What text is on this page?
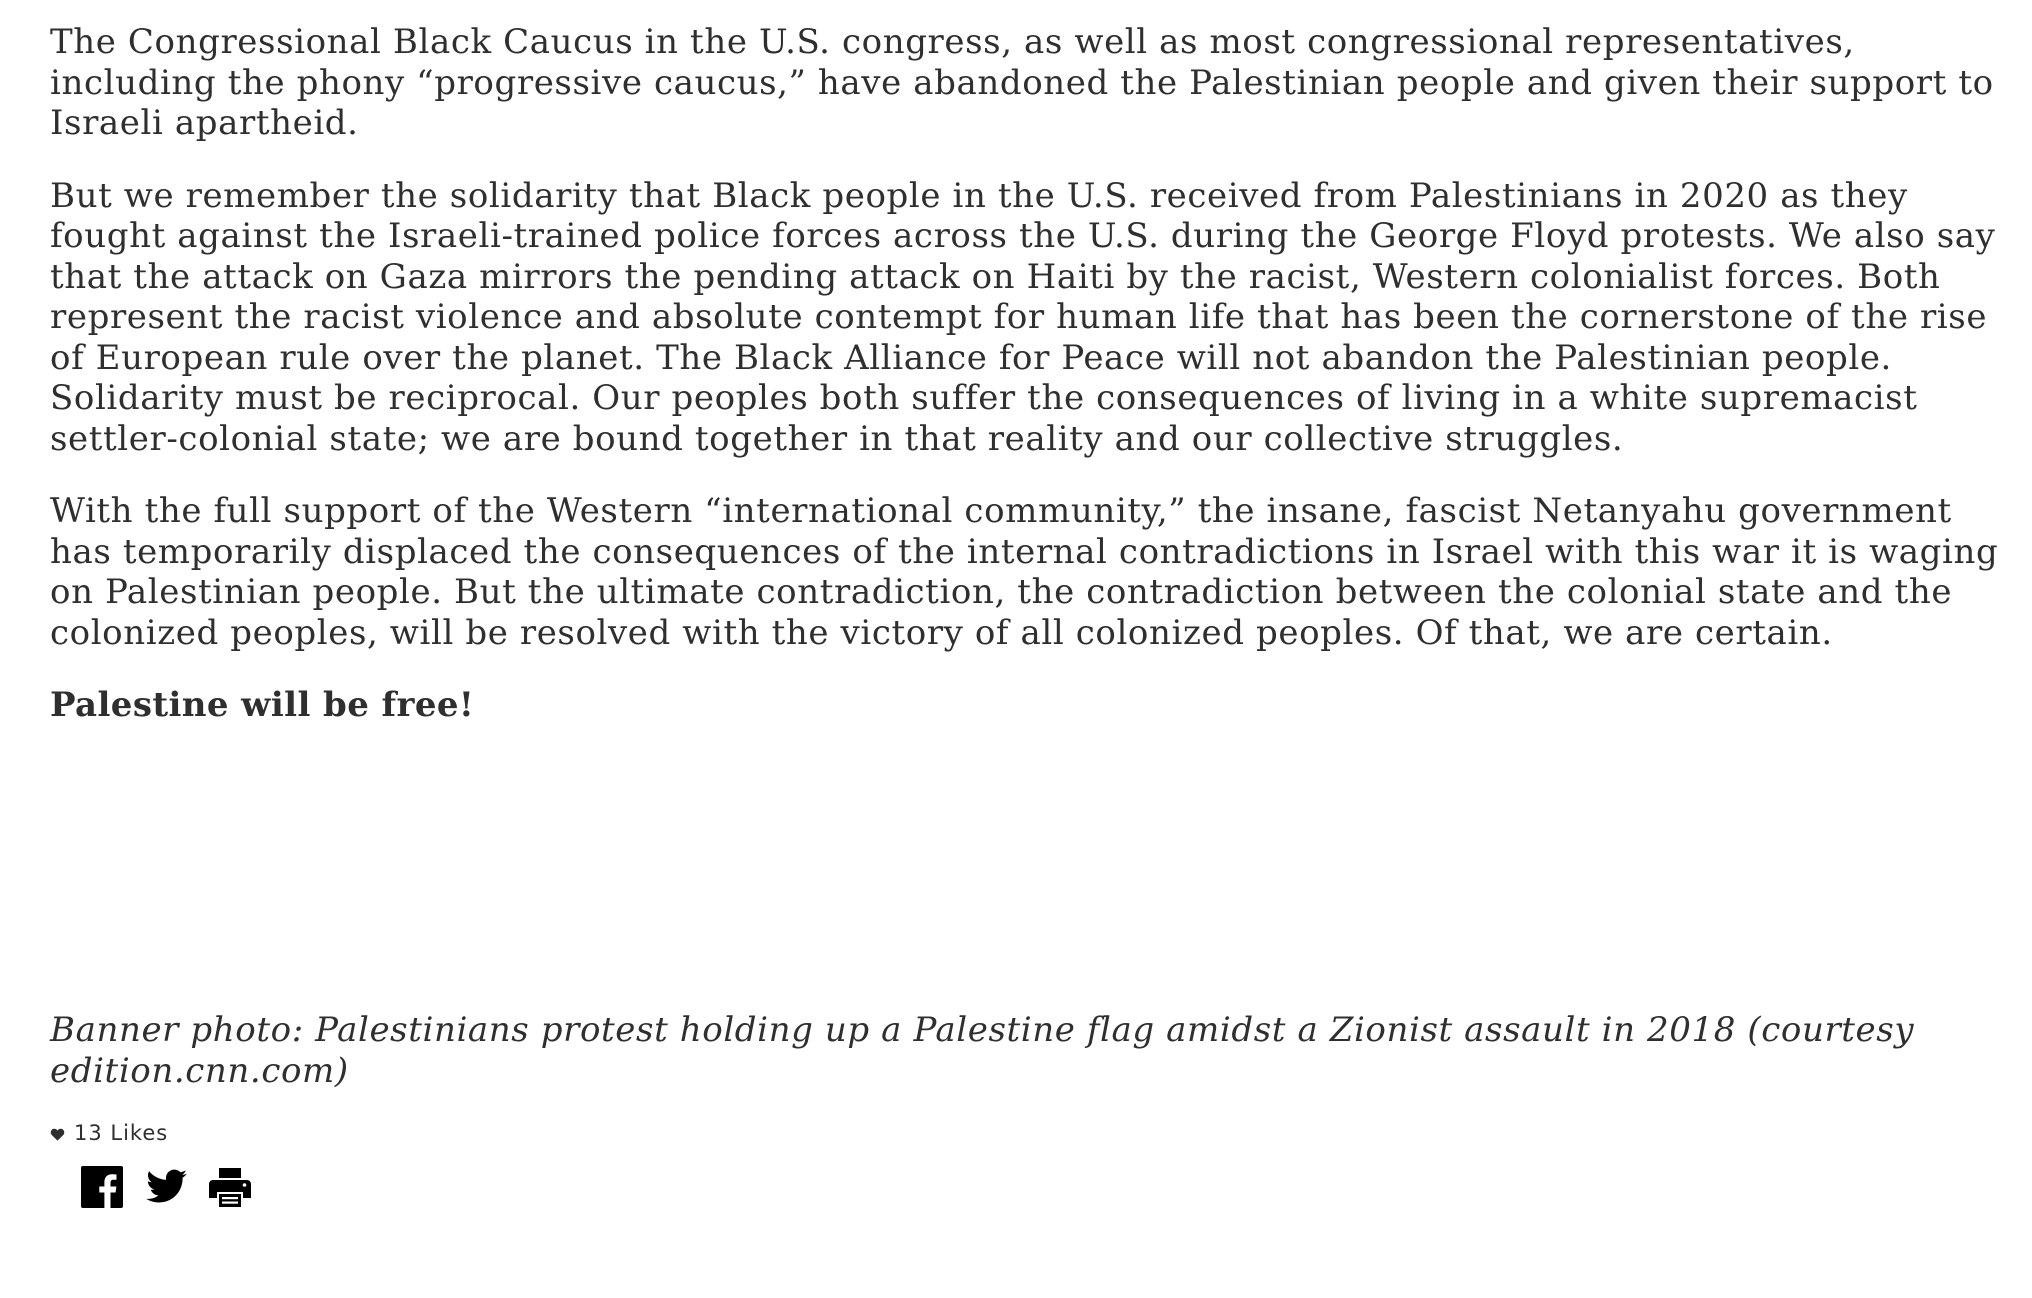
The Congressional Black Caucus in the U.S. congress, as well as most congressional representatives, including the phony “progressive caucus,” have abandoned the Palestinian people and given their support to Israeli apartheid.

But we remember the solidarity that Black people in the U.S. received from Palestinians in 2020 as they fought against the Israeli-trained police forces across the U.S. during the George Floyd protests. We also say that the attack on Gaza mirrors the pending attack on Haiti by the racist, Western colonialist forces. Both represent the racist violence and absolute contempt for human life that has been the cornerstone of the rise of European rule over the planet. The Black Alliance for Peace will not abandon the Palestinian people. Solidarity must be reciprocal. Our peoples both suffer the consequences of living in a white supremacist settler-colonial state; we are bound together in that reality and our collective struggles.

With the full support of the Western “international community,” the insane, fascist Netanyahu government has temporarily displaced the consequences of the internal contradictions in Israel with this war it is waging on Palestinian people. But the ultimate contradiction, the contradiction between the colonial state and the colonized peoples, will be resolved with the victory of all colonized peoples. Of that, we are certain.

Palestine will be free!

Banner photo: Palestinians protest holding up a Palestine flag amidst a Zionist assault in 2018 (courtesy edition.cnn.com)

13 Likes
